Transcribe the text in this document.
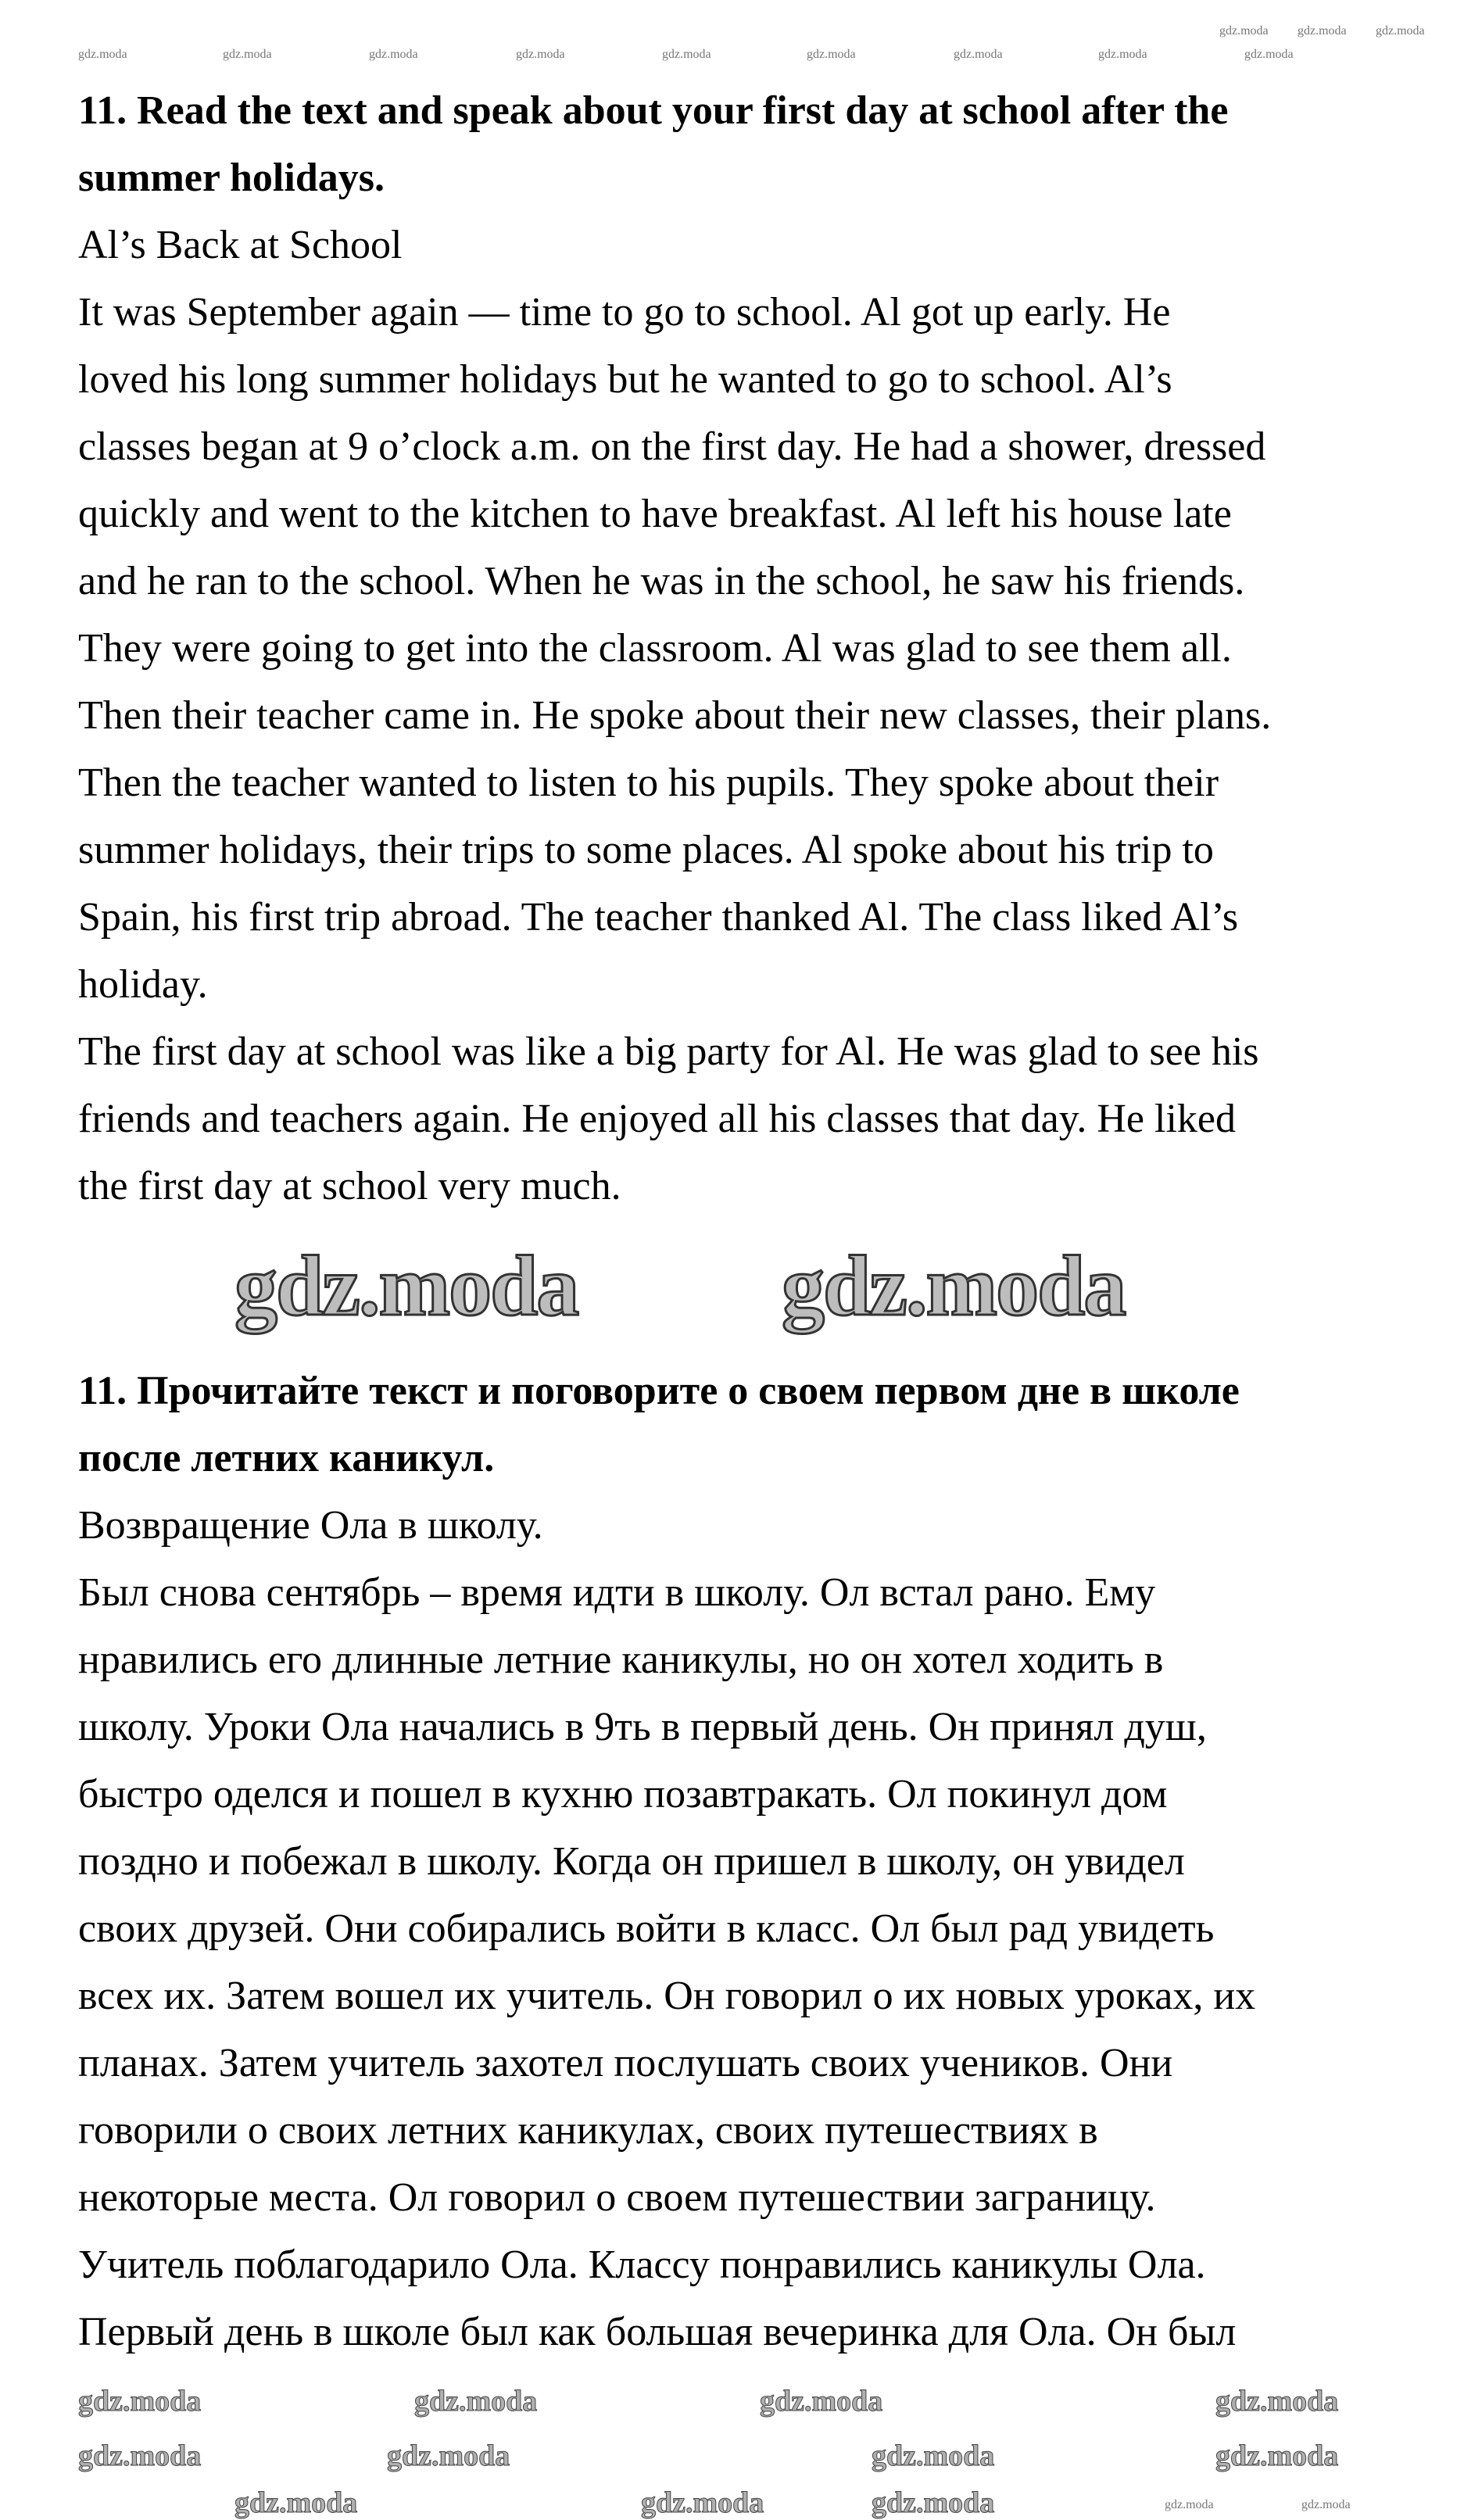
11. Read the text and speak about your first day at school after the
summer holidays.
Al’s Back at School
It was September again — time to go to school. Al got up early. He
loved his long summer holidays but he wanted to go to school. Al’s
classes began at 9 o’clock a.m. on the first day. He had a shower, dressed
quickly and went to the kitchen to have breakfast. Al left his house late
and he ran to the school. When he was in the school, he saw his friends.
They were going to get into the classroom. Al was glad to see them all.
Then their teacher came in. He spoke about their new classes, their plans.
Then the teacher wanted to listen to his pupils. They spoke about their
summer holidays, their trips to some places. Al spoke about his trip to
Spain, his first trip abroad. The teacher thanked Al. The class liked Al’s
holiday.
The first day at school was like a big party for Al. He was glad to see his
friends and teachers again. He enjoyed all his classes that day. He liked
the first day at school very much.
11. Прочитайте текст и поговорите о своем первом дне в школе
после летних каникул.
Возвращение Ола в школу.
Был снова сентябрь – время идти в школу. Ол встал рано. Ему
нравились его длинные летние каникулы, но он хотел ходить в
школу. Уроки Ола начались в 9ть в первый день. Он принял душ,
быстро оделся и пошел в кухню позавтракать. Ол покинул дом
поздно и побежал в школу. Когда он пришел в школу, он увидел
своих друзей. Они собирались войти в класс. Ол был рад увидеть
всех их. Затем вошел их учитель. Он говорил о их новых уроках, их
планах. Затем учитель захотел послушать своих учеников. Они
говорили о своих летних каникулах, своих путешествиях в
некоторые места. Ол говорил о своем путешествии заграницу.
Учитель поблагодарило Ола. Классу понравились каникулы Ола.
Первый день в школе был как большая вечеринка для Ола. Он был
gdz.moda gdz.moda gdz.moda
gdz.moda	gdz.moda	gdz.moda	gdz.moda	gdz.moda	gdz.moda	gdz.moda	gdz.moda	gdz.moda
gdz.moda gdz.moda
gdz.moda	gdz.moda	gdz.moda	gdz.moda
gdz.moda	gdz.moda	gdz.moda	gdz.moda
gdz.moda	gdz.moda	gdz.moda	gdz.moda	gdz.moda
